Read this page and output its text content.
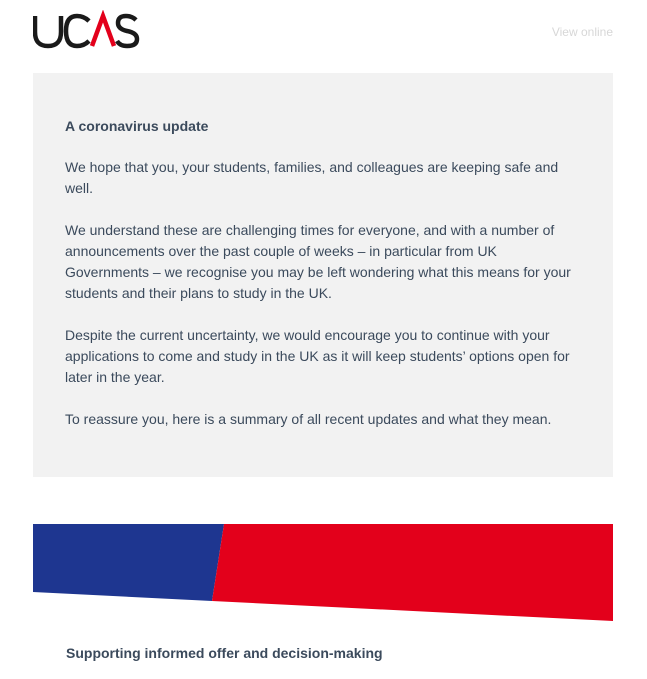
View online
A coronavirus update

We hope that you, your students, families, and colleagues are keeping safe and well.

We understand these are challenging times for everyone, and with a number of announcements over the past couple of weeks – in particular from UK Governments – we recognise you may be left wondering what this means for your students and their plans to study in the UK.

Despite the current uncertainty, we would encourage you to continue with your applications to come and study in the UK as it will keep students’ options open for later in the year.

To reassure you, here is a summary of all recent updates and what they mean.

Supporting informed offer and decision-making
